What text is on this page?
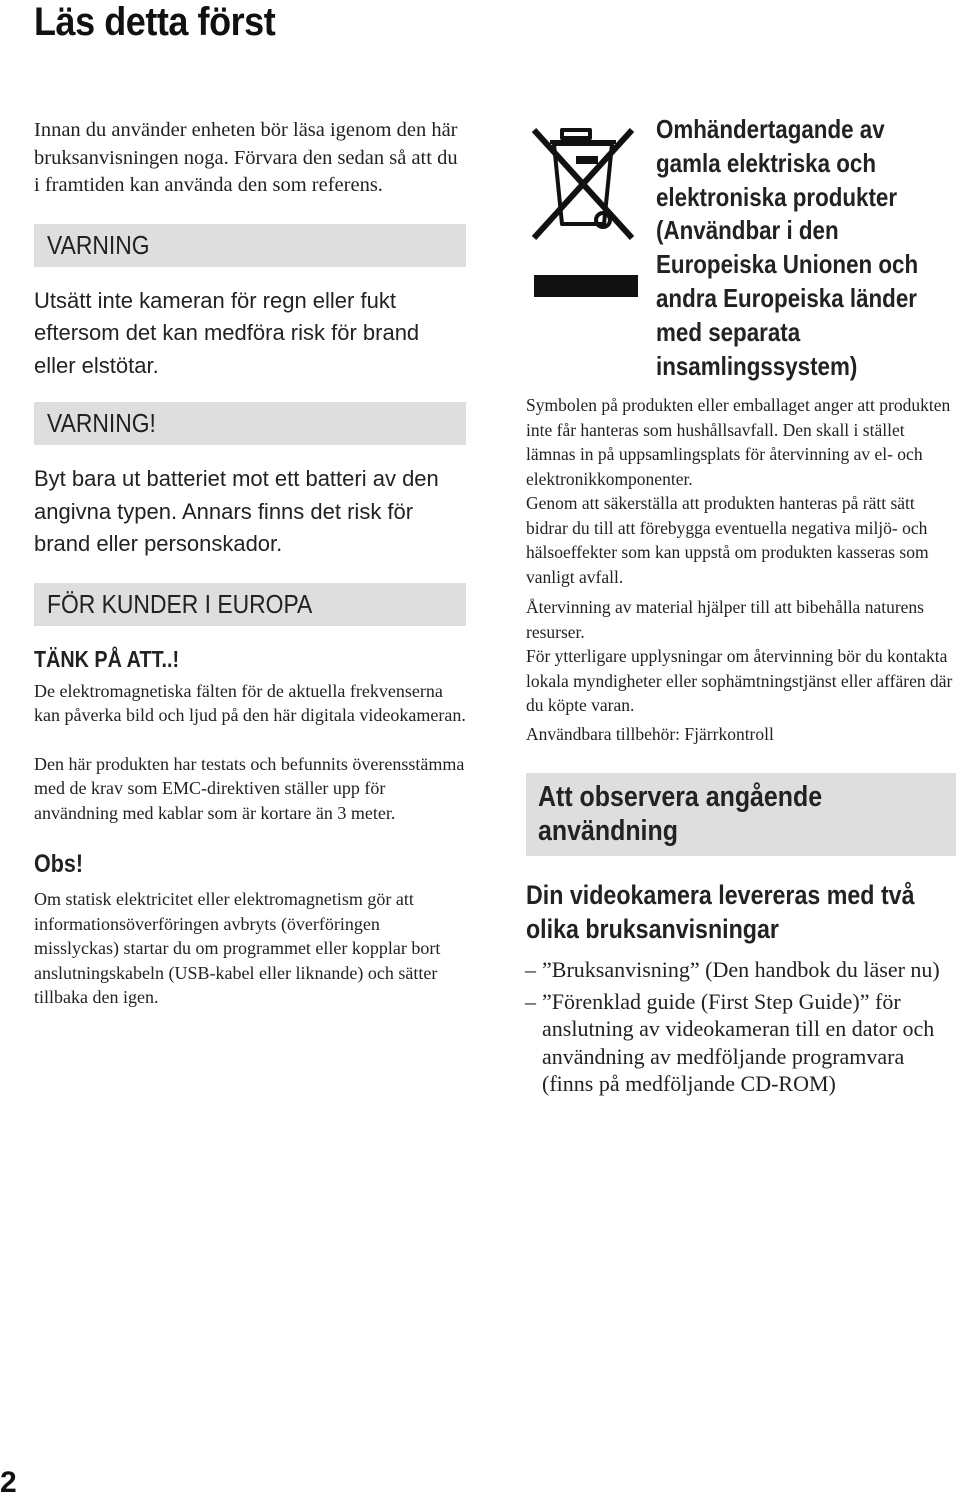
Läs detta först

Innan du använder enheten bör läsa igenom den här bruksanvisningen noga. Förvara den sedan så att du i framtiden kan använda den som referens.

VARNING

Utsätt inte kameran för regn eller fukt eftersom det kan medföra risk för brand eller elstötar.

VARNING!

Byt bara ut batteriet mot ett batteri av den angivna typen. Annars finns det risk för brand eller personskador.

FÖR KUNDER I EUROPA
TÄNK PÅ ATT..!

De elektromagnetiska fälten för de aktuella frekvenserna kan påverka bild och ljud på den här digitala videokameran.

Den här produkten har testats och befunnits överensstämma med de krav som EMC-direktiven ställer upp för användning med kablar som är kortare än 3 meter.

Obs!

Om statisk elektricitet eller elektromagnetism gör att informationsöverföringen avbryts (överföringen misslyckas) startar du om programmet eller kopplar bort anslutningskabeln (USB-kabel eller liknande) och sätter tillbaka den igen.

Omhändertagande av
gamla elektriska och
elektroniska produkter
(Användbar i den
Europeiska Unionen och
andra Europeiska länder
med separata
insamlingssystem)

Symbolen på produkten eller emballaget anger att produkten inte får hanteras som hushållsavfall. Den skall i stället lämnas in på uppsamlingsplats för återvinning av el- och elektronikkomponenter.

Genom att säkerställa att produkten hanteras på rätt sätt bidrar du till att förebygga eventuella negativa miljö- och hälsoeffekter som kan uppstå om produkten kasseras som vanligt avfall.

Återvinning av material hjälper till att bibehålla naturens resurser.

För ytterligare upplysningar om återvinning bör du kontakta lokala myndigheter eller sophämtningstjänst eller affären där du köpte varan.

Användbara tillbehör: Fjärrkontroll

Att observera angående
användning
Din videokamera levereras med två
olika bruksanvisningar
– ”Bruksanvisning” (Den handbok du läser nu)
– ”Förenklad guide (First Step Guide)” för anslutning av videokameran till en dator och användning av medföljande programvara (finns på medföljande CD-ROM)
2
